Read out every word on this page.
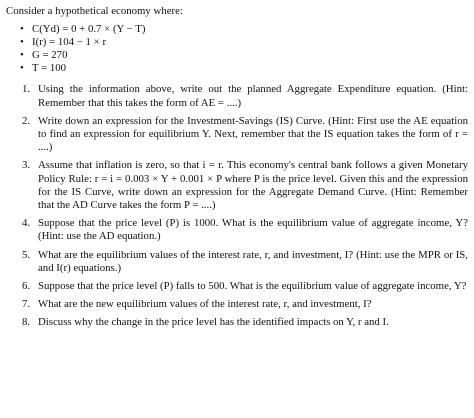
Consider a hypothetical economy where:

• C(Yd) = 0 + 0.7 × (Y − T)
• I(r) = 104 − 1 × r
• G = 270
• T = 100
1. Using the information above, write out the planned Aggregate Expenditure equation. (Hint: Remember that this takes the form of AE = ....)
2. Write down an expression for the Investment-Savings (IS) Curve. (Hint: First use the AE equation to find an expression for equilibrium Y. Next, remember that the IS equation takes the form of r = ....)
3. Assume that inflation is zero, so that i = r. This economy's central bank follows a given Monetary Policy Rule: r = i = 0.003 × Y + 0.001 × P where P is the price level. Given this and the expression for the IS Curve, write down an expression for the Aggregate Demand Curve. (Hint: Remember that the AD Curve takes the form P = ....)
4. Suppose that the price level (P) is 1000. What is the equilibrium value of aggregate income, Y? (Hint: use the AD equation.)
5. What are the equilibrium values of the interest rate, r, and investment, I? (Hint: use the MPR or IS, and I(r) equations.)
6. Suppose that the price level (P) falls to 500. What is the equilibrium value of aggregate income, Y?
7. What are the new equilibrium values of the interest rate, r, and investment, I?
8. Discuss why the change in the price level has the identified impacts on Y, r and I.
